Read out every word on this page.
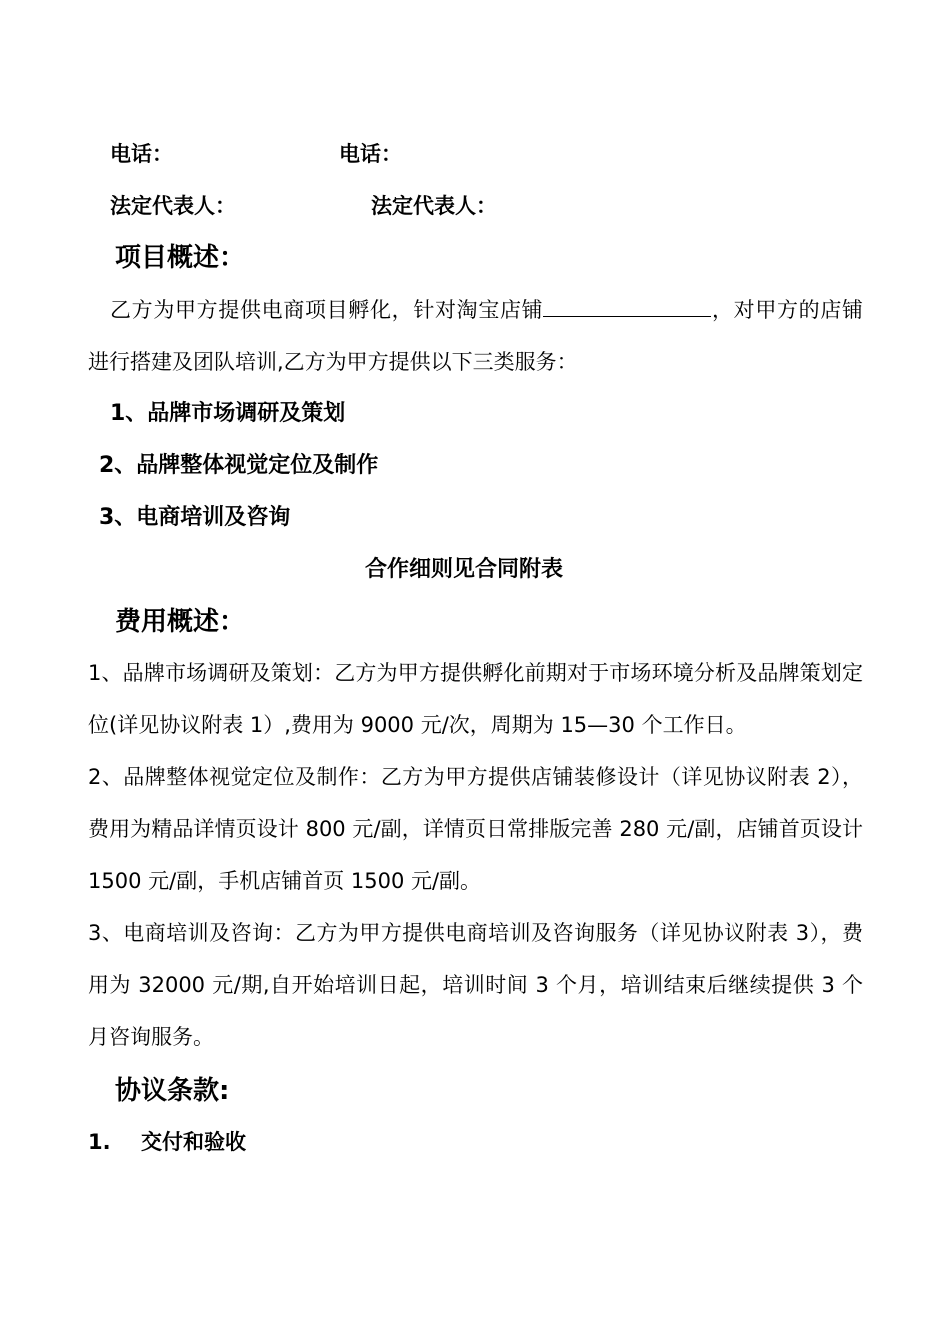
电话：	电话：
法定代表人：	法定代表人：
项目概述：
乙方为甲方提供电商项目孵化，针对淘宝店铺	，对甲方的店铺进行搭建及团队培训,乙方为甲方提供以下三类服务：
1、品牌市场调研及策划
2、品牌整体视觉定位及制作
3、电商培训及咨询
合作细则见合同附表
费用概述：
1、品牌市场调研及策划：乙方为甲方提供孵化前期对于市场环境分析及品牌策划定位(详见协议附表 1）,费用为 9000 元/次，周期为 15—30 个工作日。
2、品牌整体视觉定位及制作：乙方为甲方提供店铺装修设计（详见协议附表 2），费用为精品详情页设计 800 元/副，详情页日常排版完善 280 元/副，店铺首页设计 1500 元/副，手机店铺首页 1500 元/副。
3、电商培训及咨询：乙方为甲方提供电商培训及咨询服务（详见协议附表 3），费用为 32000 元/期,自开始培训日起，培训时间 3 个月，培训结束后继续提供 3 个月咨询服务。
协议条款:
1. 交付和验收
